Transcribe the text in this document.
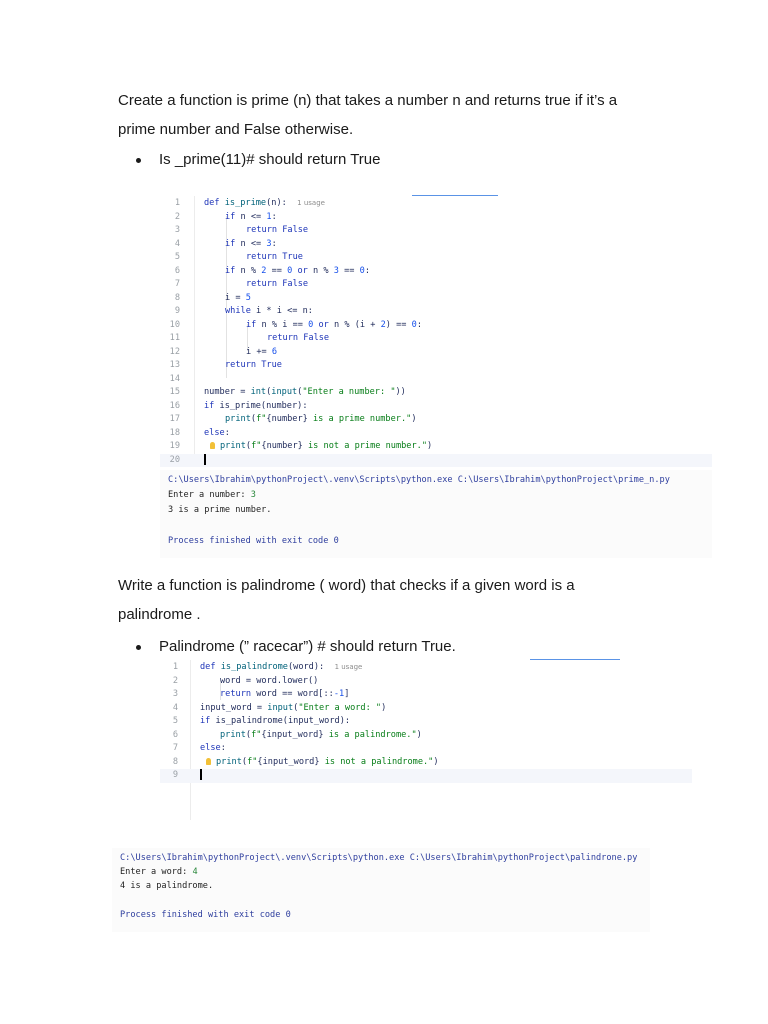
Create a function is prime (n) that takes a number n and returns true if it’s a
prime number and False otherwise.

Is _prime(11)# should return True
1	def is_prime(n):  1 usage
2	if n <= 1:
3	return False
4	if n <= 3:
5	return True
6	if n % 2 == 0 or n % 3 == 0:
7	return False
8	i = 5
9	while i * i <= n:
10	if n % i == 0 or n % (i + 2) == 0:
11	return False
12	i += 6
13	return True
14
15	number = int(input("Enter a number: "))
16	if is_prime(number):
17	print(f"{number} is a prime number.")
18	else:
19	print(f"{number} is not a prime number.")
20
C:\Users\Ibrahim\pythonProject\.venv\Scripts\python.exe C:\Users\Ibrahim\pythonProject\prime_n.py
Enter a number: 3
3 is a prime number.
Process finished with exit code 0

Write a function is palindrome ( word) that checks if a given word is a
palindrome .

Palindrome (” racecar”) # should return True.
1	def is_palindrome(word):  1 usage
2	word = word.lower()
3	return word == word[::-1]
4	input_word = input("Enter a word: ")
5	if is_palindrome(input_word):
6	print(f"{input_word} is a palindrome.")
7	else:
8	print(f"{input_word} is not a palindrome.")
9
C:\Users\Ibrahim\pythonProject\.venv\Scripts\python.exe C:\Users\Ibrahim\pythonProject\palindrone.py
Enter a word: 4
4 is a palindrome.
Process finished with exit code 0
